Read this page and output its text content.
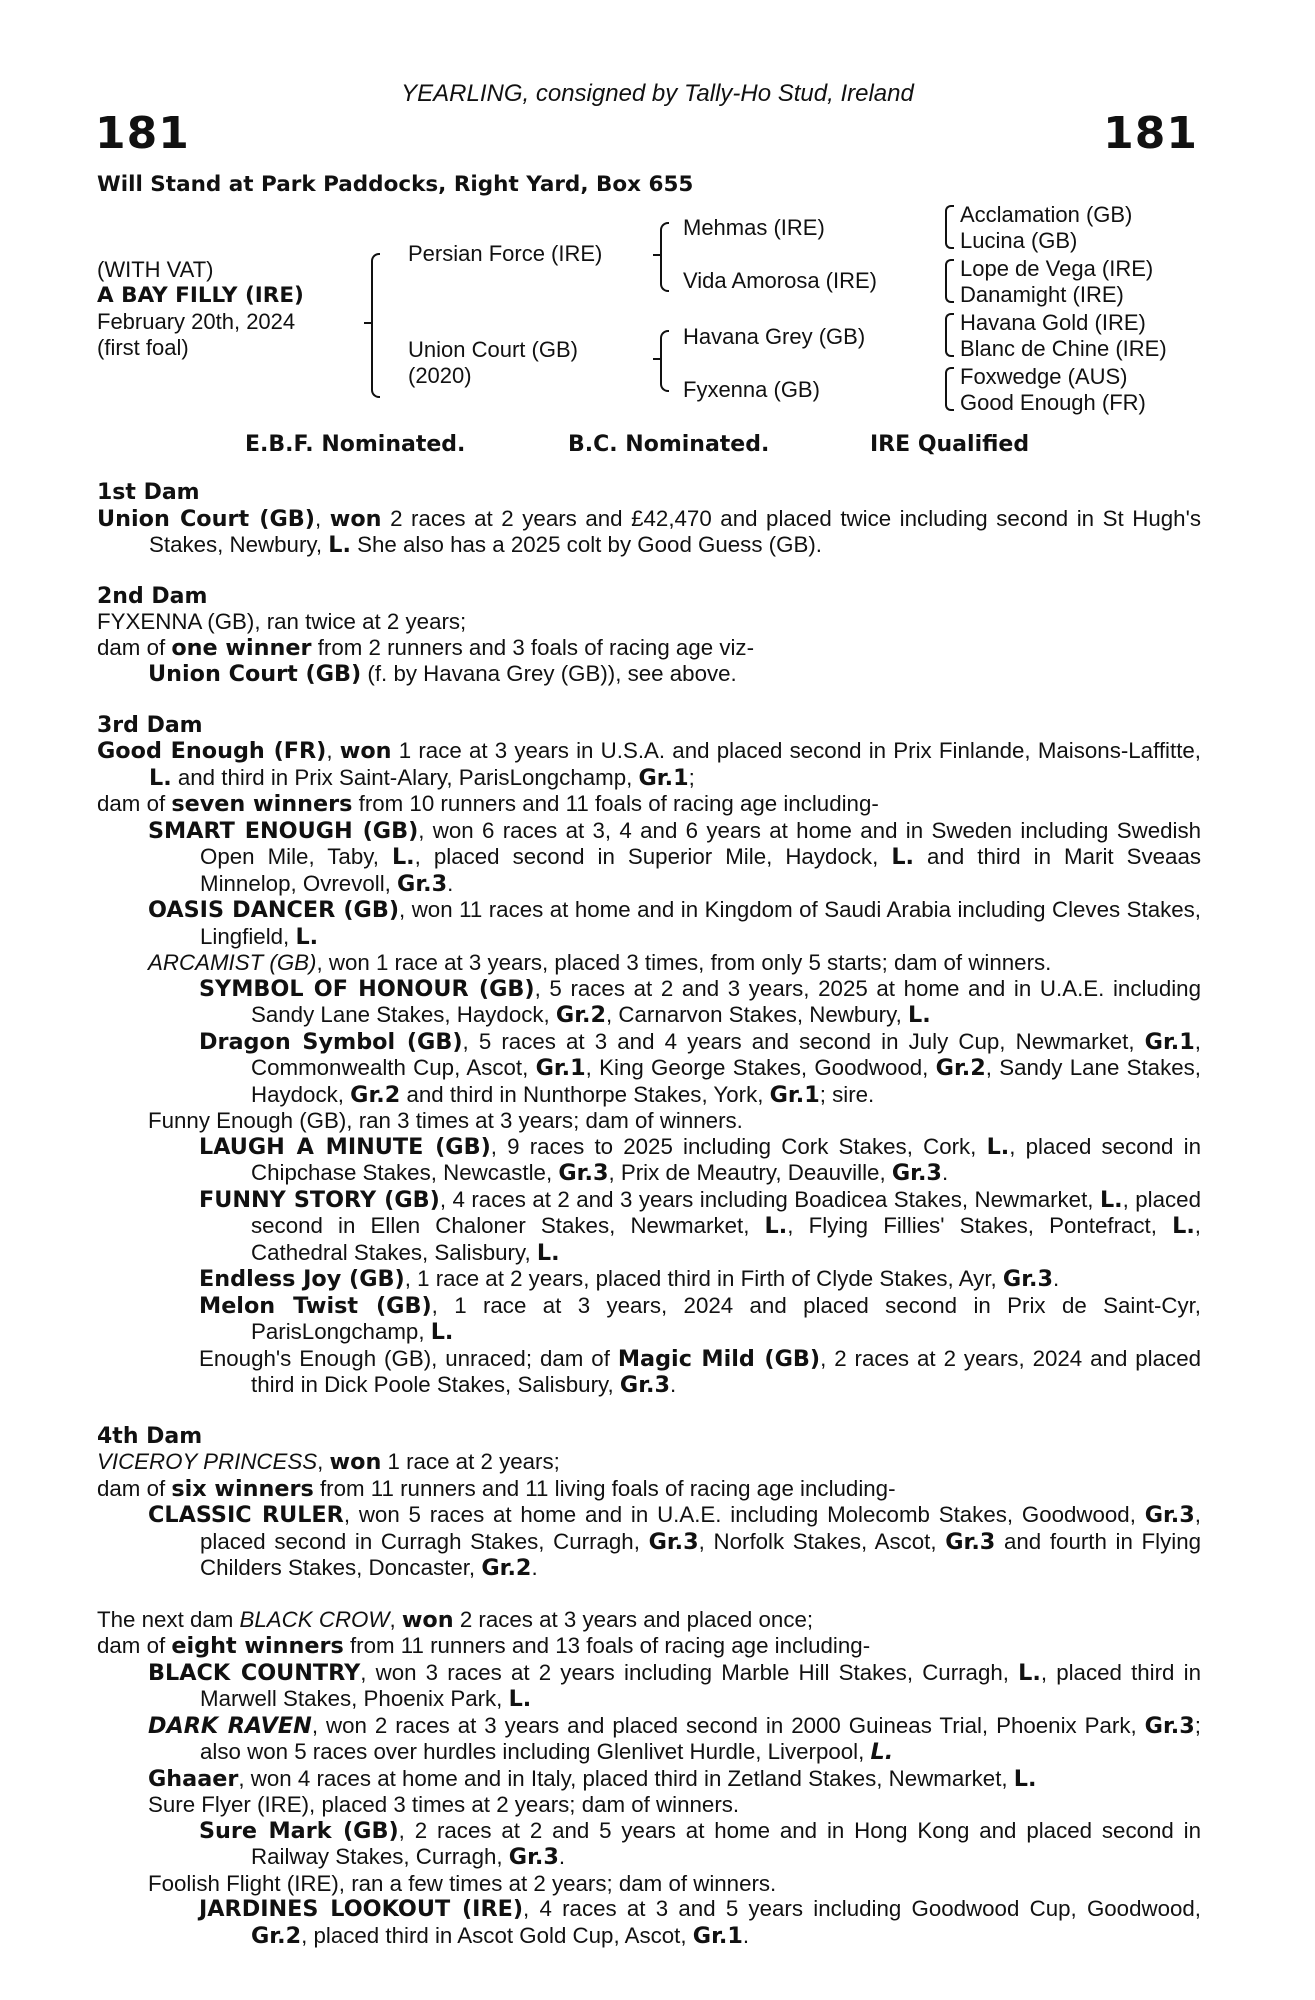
YEARLING, consigned by Tally-Ho Stud, Ireland
181	181
Will Stand at Park Paddocks, Right Yard, Box 655
(WITH VAT)
A BAY FILLY (IRE)
February 20th, 2024
(first foal)
Persian Force (IRE)
Union Court (GB)
(2020)
Mehmas (IRE)
Vida Amorosa (IRE)
Havana Grey (GB)
Fyxenna (GB)
Acclamation (GB)
Lucina (GB)
Lope de Vega (IRE)
Danamight (IRE)
Havana Gold (IRE)
Blanc de Chine (IRE)
Foxwedge (AUS)
Good Enough (FR)
E.B.F. Nominated.	B.C. Nominated.	IRE Qualified
1st Dam
Union Court (GB), won 2 races at 2 years and £42,470 and placed twice including second in St Hugh's Stakes, Newbury, L. She also has a 2025 colt by Good Guess (GB).
2nd Dam
FYXENNA (GB), ran twice at 2 years;
dam of one winner from 2 runners and 3 foals of racing age viz-
Union Court (GB) (f. by Havana Grey (GB)), see above.
3rd Dam
Good Enough (FR), won 1 race at 3 years in U.S.A. and placed second in Prix Finlande, Maisons-Laffitte, L. and third in Prix Saint-Alary, ParisLongchamp, Gr.1;
dam of seven winners from 10 runners and 11 foals of racing age including-
SMART ENOUGH (GB), won 6 races at 3, 4 and 6 years at home and in Sweden including Swedish Open Mile, Taby, L., placed second in Superior Mile, Haydock, L. and third in Marit Sveaas Minnelop, Ovrevoll, Gr.3.
OASIS DANCER (GB), won 11 races at home and in Kingdom of Saudi Arabia including Cleves Stakes, Lingfield, L.
ARCAMIST (GB), won 1 race at 3 years, placed 3 times, from only 5 starts; dam of winners.
SYMBOL OF HONOUR (GB), 5 races at 2 and 3 years, 2025 at home and in U.A.E. including Sandy Lane Stakes, Haydock, Gr.2, Carnarvon Stakes, Newbury, L.
Dragon Symbol (GB), 5 races at 3 and 4 years and second in July Cup, Newmarket, Gr.1, Commonwealth Cup, Ascot, Gr.1, King George Stakes, Goodwood, Gr.2, Sandy Lane Stakes, Haydock, Gr.2 and third in Nunthorpe Stakes, York, Gr.1; sire.
Funny Enough (GB), ran 3 times at 3 years; dam of winners.
LAUGH A MINUTE (GB), 9 races to 2025 including Cork Stakes, Cork, L., placed second in Chipchase Stakes, Newcastle, Gr.3, Prix de Meautry, Deauville, Gr.3.
FUNNY STORY (GB), 4 races at 2 and 3 years including Boadicea Stakes, Newmarket, L., placed second in Ellen Chaloner Stakes, Newmarket, L., Flying Fillies' Stakes, Pontefract, L., Cathedral Stakes, Salisbury, L.
Endless Joy (GB), 1 race at 2 years, placed third in Firth of Clyde Stakes, Ayr, Gr.3.
Melon Twist (GB), 1 race at 3 years, 2024 and placed second in Prix de Saint-Cyr, ParisLongchamp, L.
Enough's Enough (GB), unraced; dam of Magic Mild (GB), 2 races at 2 years, 2024 and placed third in Dick Poole Stakes, Salisbury, Gr.3.
4th Dam
VICEROY PRINCESS, won 1 race at 2 years;
dam of six winners from 11 runners and 11 living foals of racing age including-
CLASSIC RULER, won 5 races at home and in U.A.E. including Molecomb Stakes, Goodwood, Gr.3, placed second in Curragh Stakes, Curragh, Gr.3, Norfolk Stakes, Ascot, Gr.3 and fourth in Flying Childers Stakes, Doncaster, Gr.2.
The next dam BLACK CROW, won 2 races at 3 years and placed once;
dam of eight winners from 11 runners and 13 foals of racing age including-
BLACK COUNTRY, won 3 races at 2 years including Marble Hill Stakes, Curragh, L., placed third in Marwell Stakes, Phoenix Park, L.
DARK RAVEN, won 2 races at 3 years and placed second in 2000 Guineas Trial, Phoenix Park, Gr.3; also won 5 races over hurdles including Glenlivet Hurdle, Liverpool, L.
Ghaaer, won 4 races at home and in Italy, placed third in Zetland Stakes, Newmarket, L.
Sure Flyer (IRE), placed 3 times at 2 years; dam of winners.
Sure Mark (GB), 2 races at 2 and 5 years at home and in Hong Kong and placed second in Railway Stakes, Curragh, Gr.3.
Foolish Flight (IRE), ran a few times at 2 years; dam of winners.
JARDINES LOOKOUT (IRE), 4 races at 3 and 5 years including Goodwood Cup, Goodwood, Gr.2, placed third in Ascot Gold Cup, Ascot, Gr.1.
